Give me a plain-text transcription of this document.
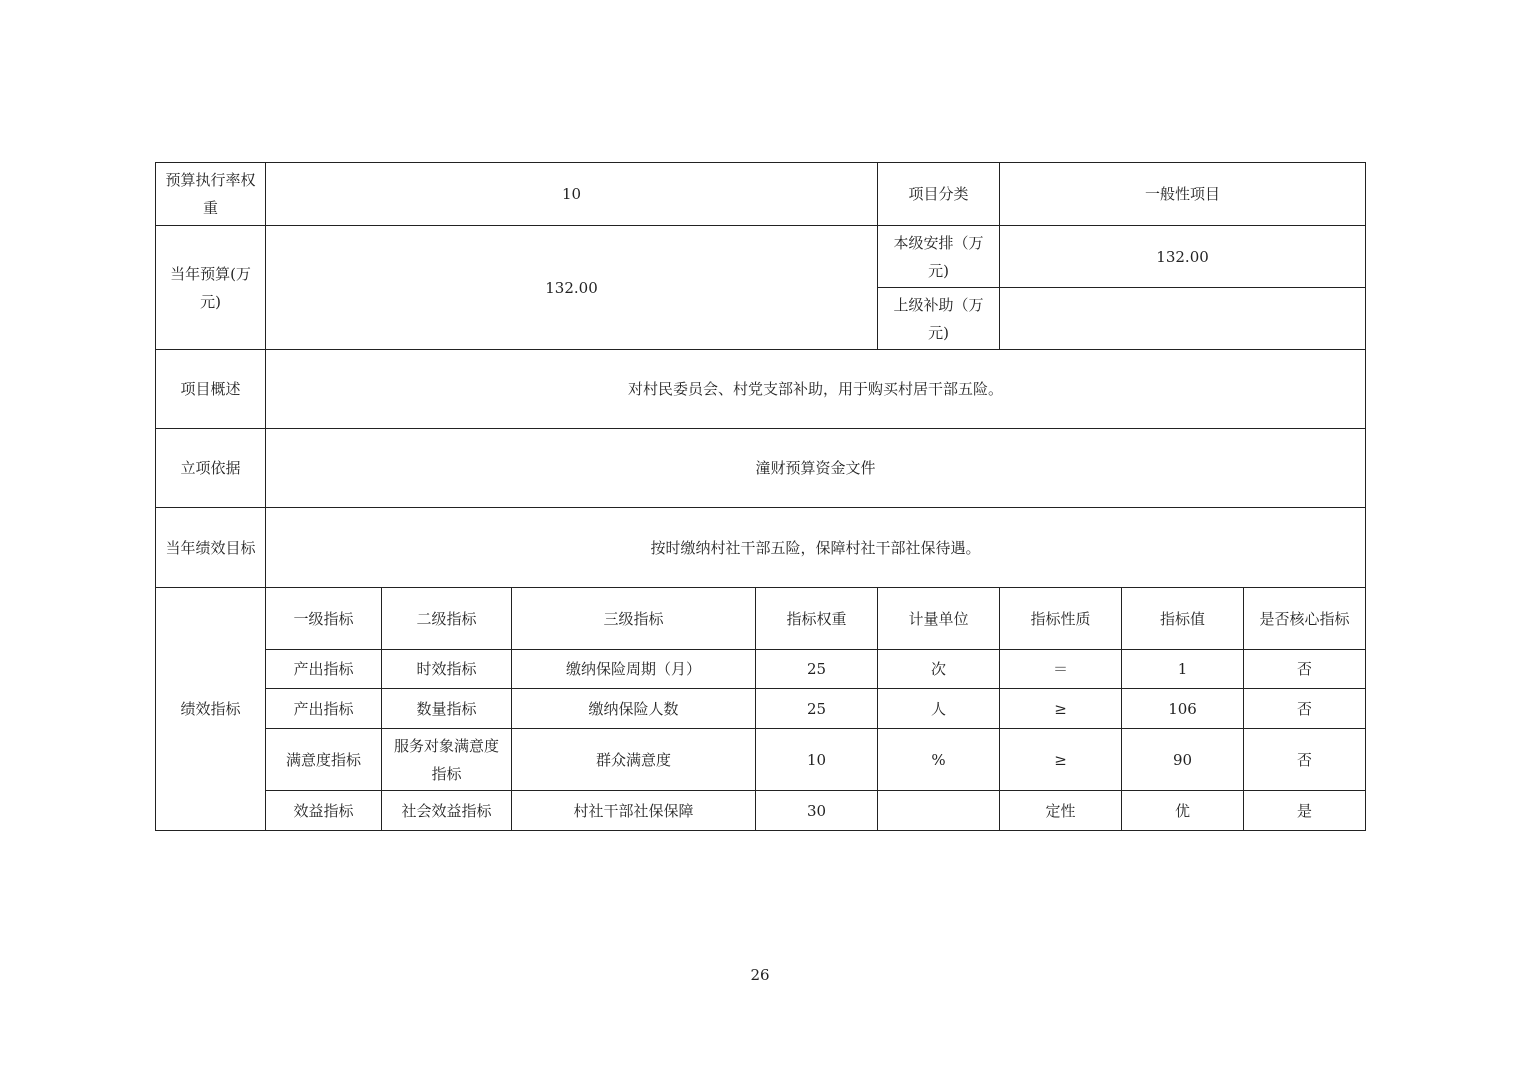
预算执行率权重	10				项目分类	一般性项目		
当年预算(万元)	132.00				本级安排（万元)	132.00		
					上级补助（万元)			
项目概述	对村民委员会、村党支部补助，用于购买村居干部五险。							
立项依据	潼财预算资金文件							
当年绩效目标	按时缴纳村社干部五险，保障村社干部社保待遇。							
绩效指标	一级指标	二级指标	三级指标	指标权重	计量单位	指标性质	指标值	是否核心指标
	产出指标	时效指标	缴纳保险周期（月）	25	次	＝	1	否
	产出指标	数量指标	缴纳保险人数	25	人	≥	106	否
	满意度指标	服务对象满意度指标	群众满意度	10	%	≥	90	否
	效益指标	社会效益指标	村社干部社保保障	30		定性	优	是
26
